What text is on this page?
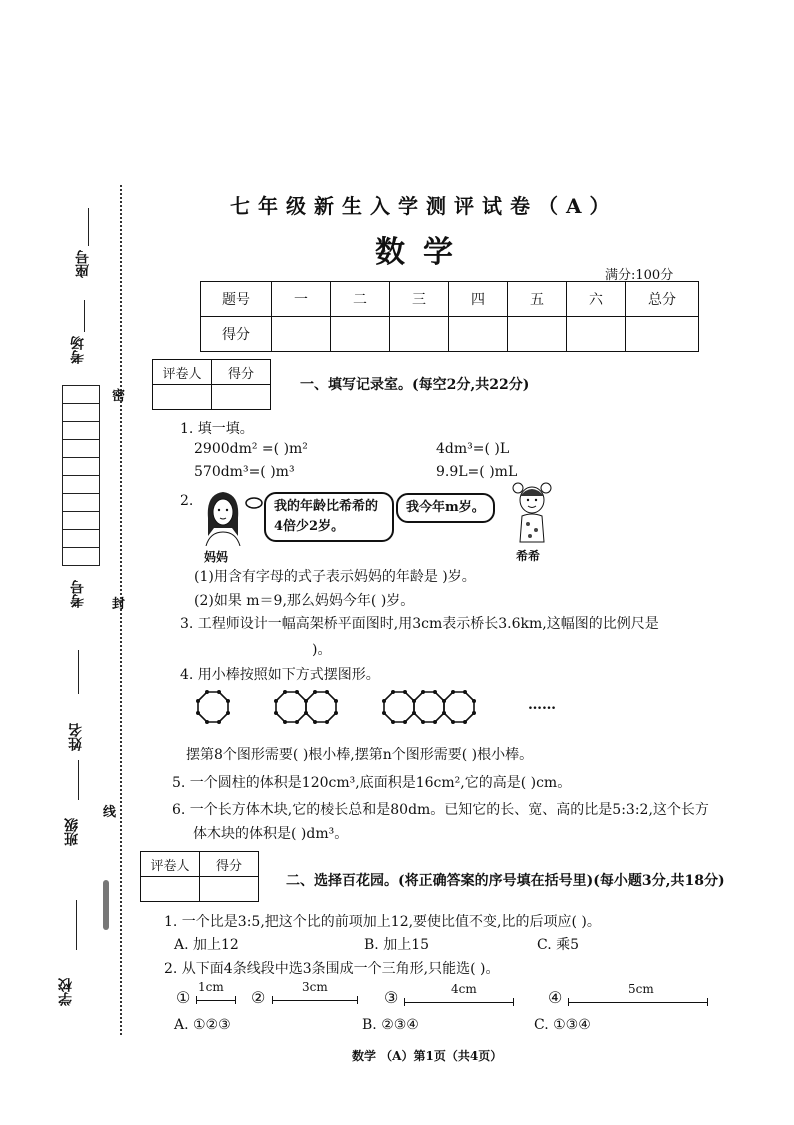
座号
考场
考号
姓名
班级
学校
密
封
线
七年级新生入学测评试卷（A）
数学
满分:100分
题号	一	二	三	四	五	六	总分
得分							
评卷人	得分

一、填写记录室。(每空2分,共22分)
1. 填一填。
2900dm² =( )m²	4dm³=( )L
570dm³=( )m³	9.9L=( )mL
2.	我的年龄比希希的4倍少2岁。
妈妈
我今年m岁。
希希
(1)用含有字母的式子表示妈妈的年龄是 )岁。
(2)如果 m＝9,那么妈妈今年( )岁。
3. 工程师设计一幅高架桥平面图时,用3cm表示桥长3.6km,这幅图的比例尺是
)。
4. 用小棒按照如下方式摆图形。
……
摆第8个图形需要( )根小棒,摆第n个图形需要( )根小棒。
5. 一个圆柱的体积是120cm³,底面积是16cm²,它的高是( )cm。
6. 一个长方体木块,它的棱长总和是80dm。已知它的长、宽、高的比是5:3:2,这个长方
体木块的体积是( )dm³。
评卷人	得分

二、选择百花园。(将正确答案的序号填在括号里)(每小题3分,共18分)
1. 一个比是3:5,把这个比的前项加上12,要使比值不变,比的后项应( )。
A. 加上12	B. 加上15	C. 乘5
2. 从下面4条线段中选3条围成一个三角形,只能选( )。
①
1cm
②
3cm
③	4cm	④	5cm
A. ①②③	B. ②③④	C. ①③④
数学 （A）第1页（共4页）
